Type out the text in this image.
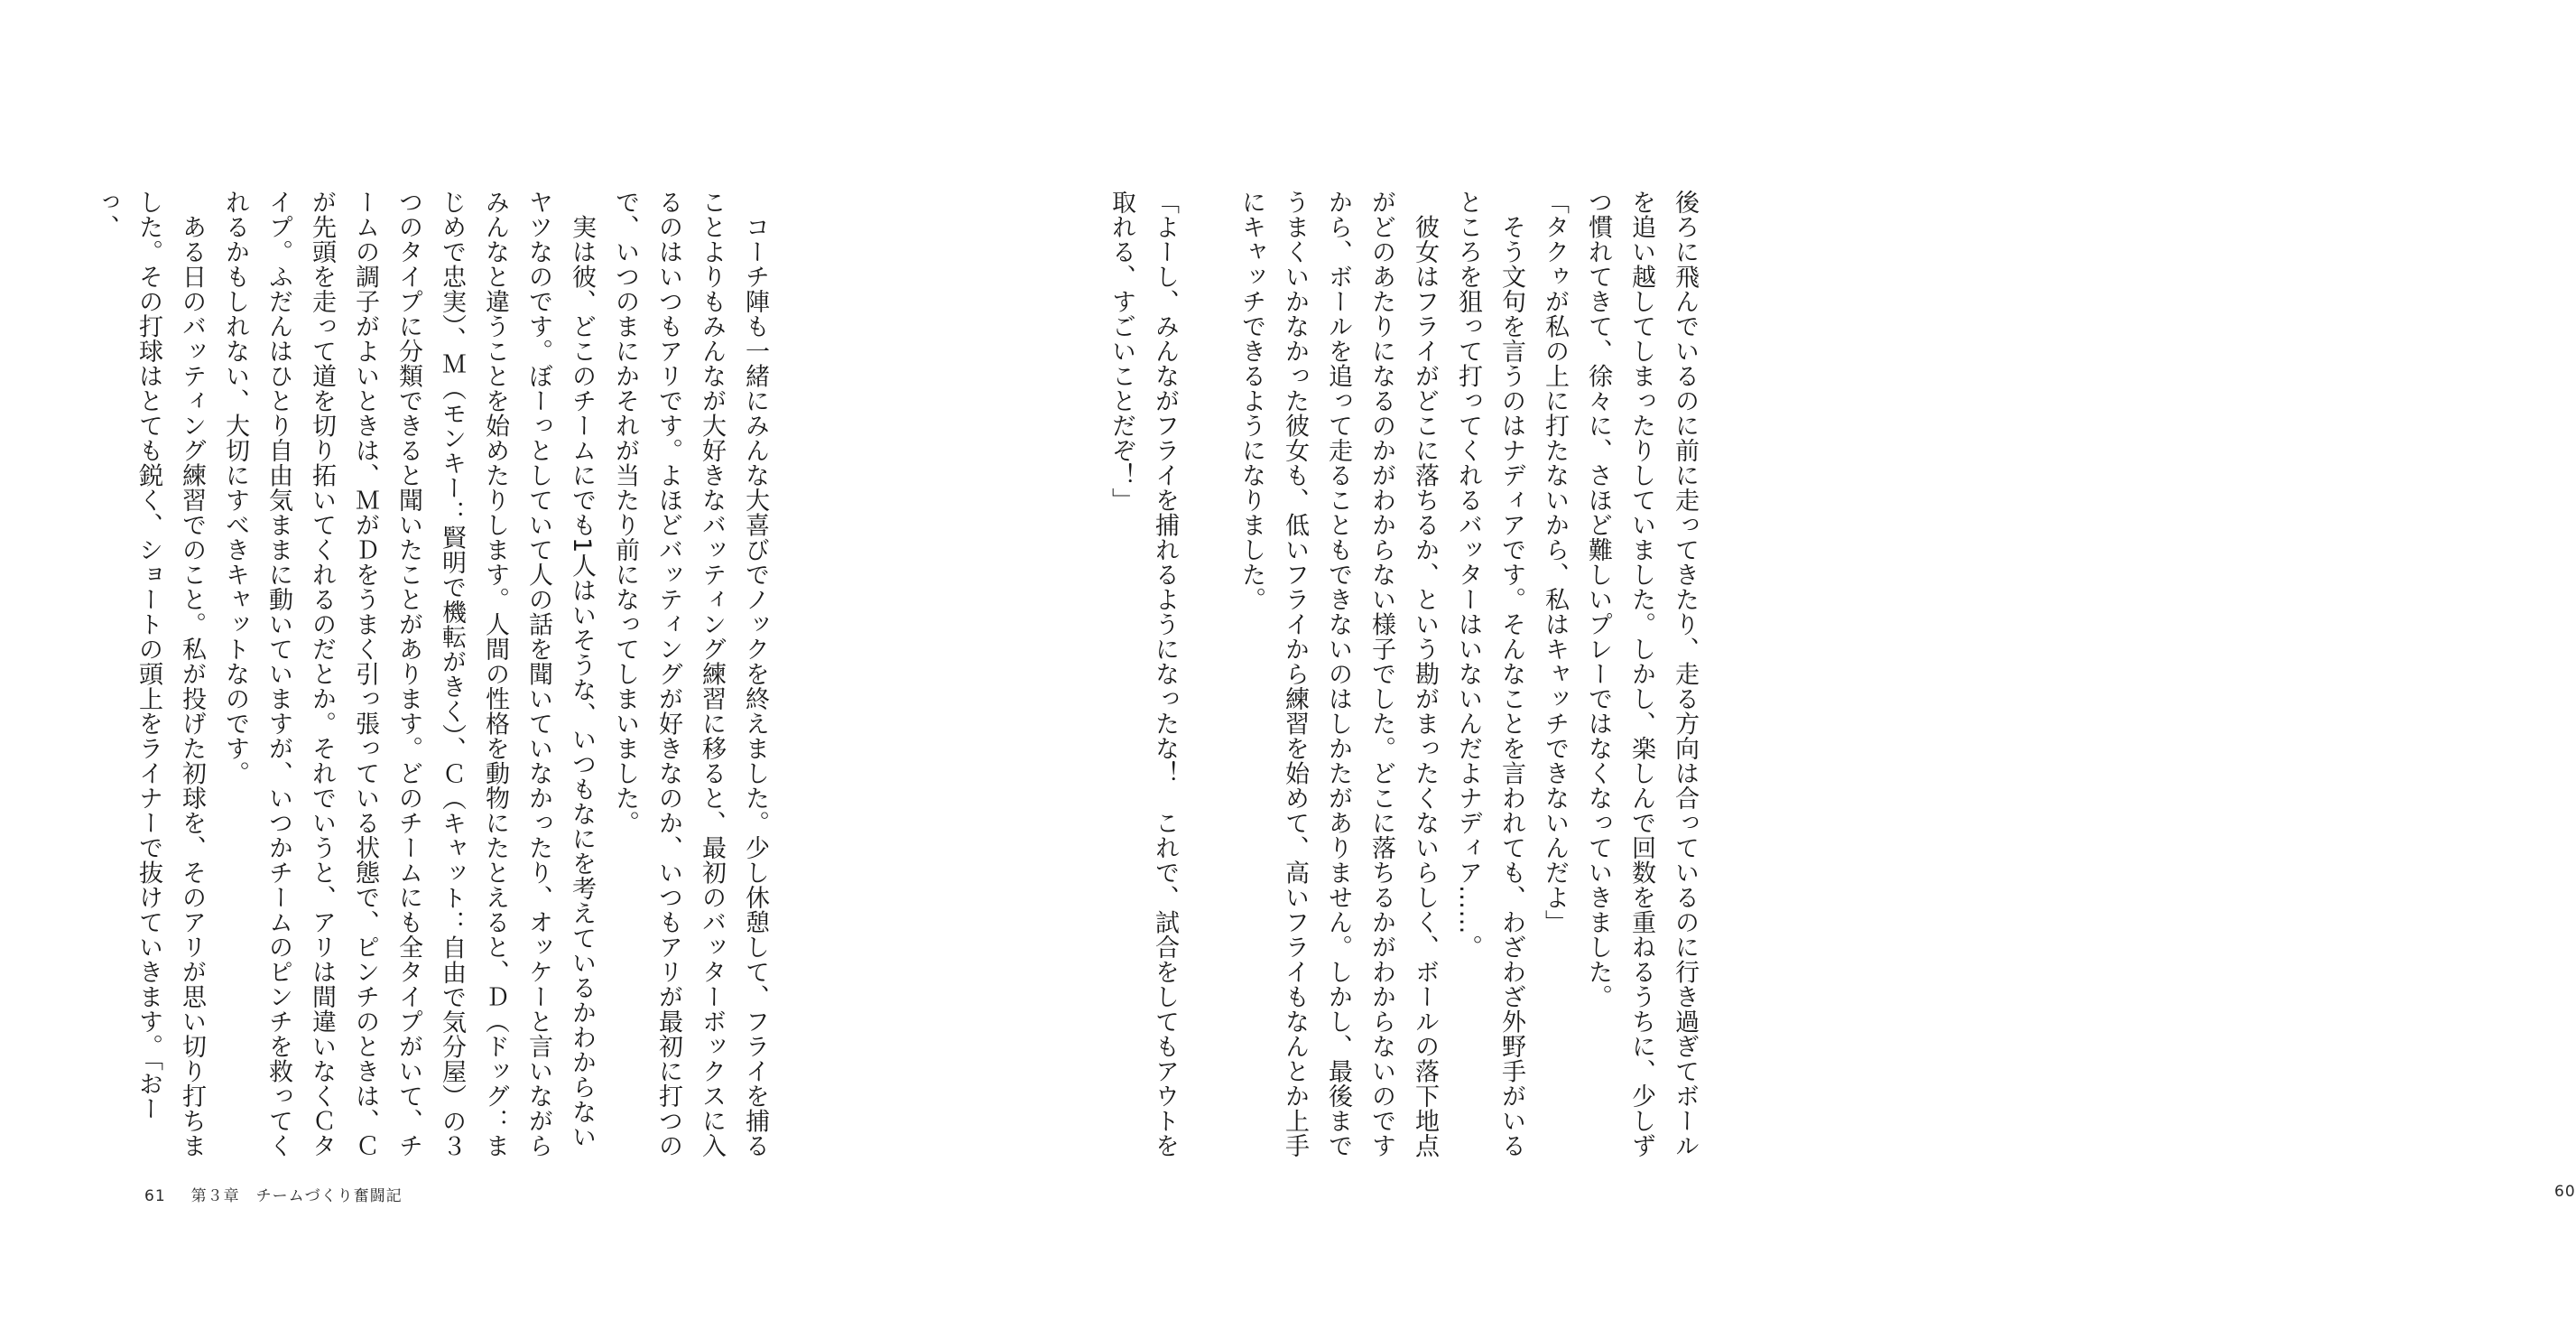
　コーチ陣も一緒にみんな大喜びでノックを終えました。少し休憩して、フライを捕ることよりもみんなが大好きなバッティング練習に移ると、最初のバッターボックスに入るのはいつもアリです。よほどバッティングが好きなのか、いつもアリが最初に打つので、いつのまにかそれが当たり前になってしまいました。

　実は彼、どこのチームにでも1人はいそうな、いつもなにを考えているかわからないヤツなのです。ぼーっとしていて人の話を聞いていなかったり、オッケーと言いながらみんなと違うことを始めたりします。人間の性格を動物にたとえると、Ｄ（ドッグ：まじめで忠実）、Ｍ（モンキー：賢明で機転がきく）、Ｃ（キャット：自由で気分屋）の３つのタイプに分類できると聞いたことがあります。どのチームにも全タイプがいて、チームの調子がよいときは、ＭがＤをうまく引っ張っている状態で、ピンチのときは、Ｃが先頭を走って道を切り拓いてくれるのだとか。それでいうと、アリは間違いなくＣタイプ。ふだんはひとり自由気ままに動いていますが、いつかチームのピンチを救ってくれるかもしれない、大切にすべきキャットなのです。

　ある日のバッティング練習でのこと。私が投げた初球を、そのアリが思い切り打ちました。その打球はとても鋭く、ショートの頭上をライナーで抜けていきます。「おーっ、

61 第３章　チームづくり奮闘記

後ろに飛んでいるのに前に走ってきたり、走る方向は合っているのに行き過ぎてボールを追い越してしまったりしていました。しかし、楽しんで回数を重ねるうちに、少しずつ慣れてきて、徐々に、さほど難しいプレーではなくなっていきました。

「タクゥが私の上に打たないから、私はキャッチできないんだよ」

　そう文句を言うのはナディアです。そんなことを言われても、わざわざ外野手がいるところを狙って打ってくれるバッターはいないんだよナディア……。

　彼女はフライがどこに落ちるか、という勘がまったくないらしく、ボールの落下地点がどのあたりになるのかがわからない様子でした。どこに落ちるかがわからないのですから、ボールを追って走ることもできないのはしかたがありません。しかし、最後までうまくいかなかった彼女も、低いフライから練習を始めて、高いフライもなんとか上手にキャッチできるようになりました。

「よーし、みんながフライを捕れるようになったな！　これで、試合をしてもアウトを取れる、すごいことだぞ！」

60
